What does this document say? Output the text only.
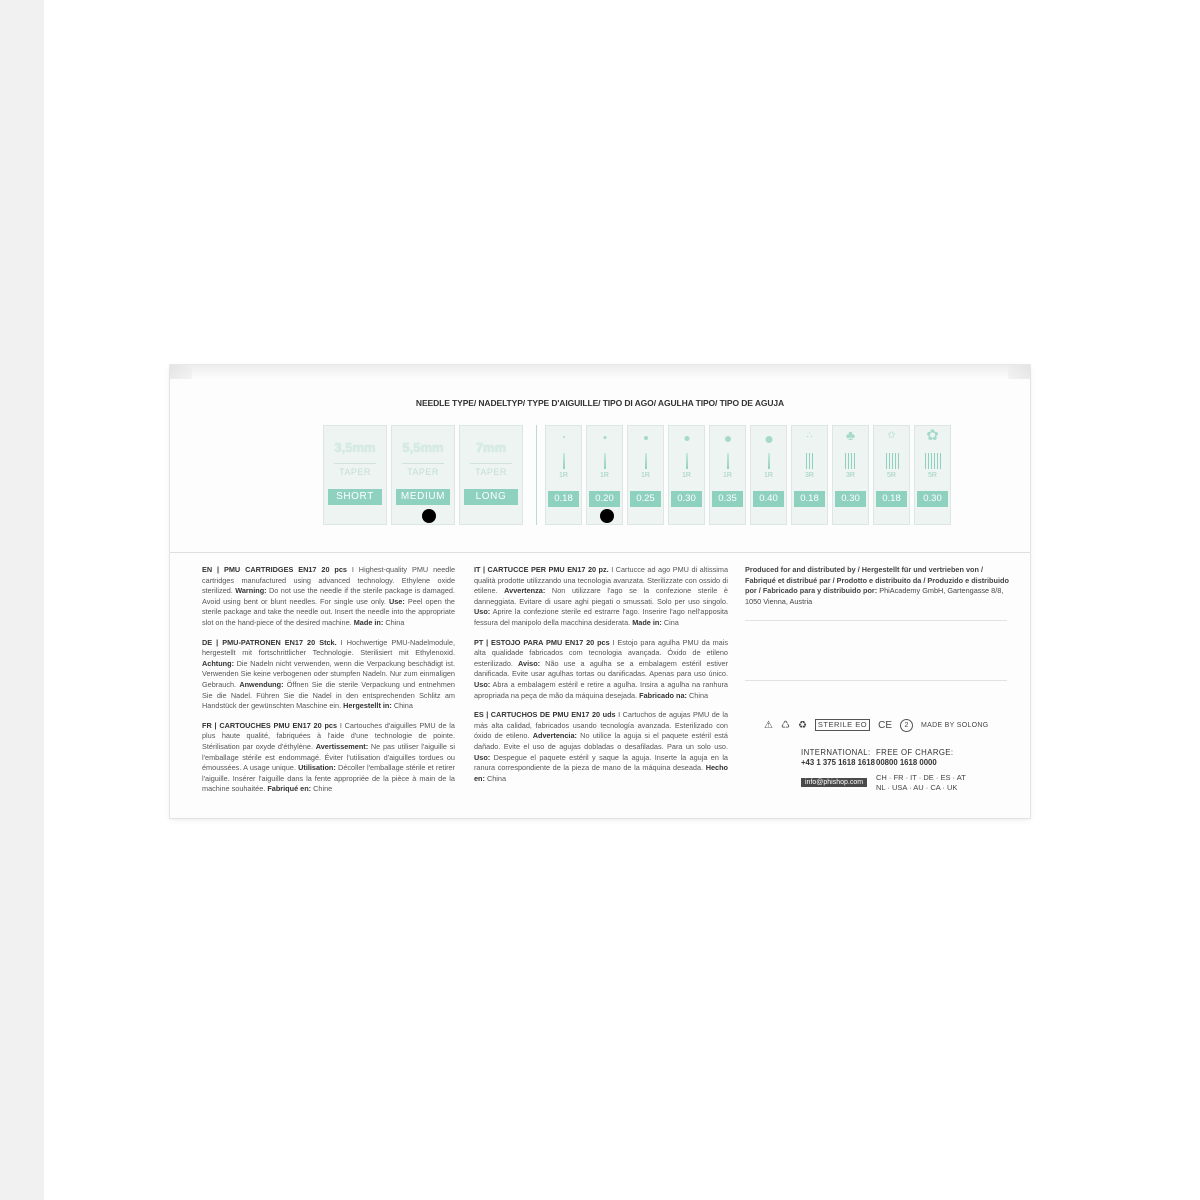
NEEDLE TYPE/ NADELTYP/ TYPE D'AIGUILLE/ TIPO DI AGO/ AGULHA TIPO/ TIPO DE AGUJA
3,5mm
TAPER
SHORT
5,5mm
TAPER
MEDIUM
7mm
TAPER
LONG
1R
0.18
1R
0.20
1R
0.25
1R
0.30
1R
0.35
1R
0.40
∴
3R
0.18
♣
3R
0.30
✩
5R
0.18
✿
5R
0.30

EN | PMU CARTRIDGES EN17 20 pcs I Highest-quality PMU needle cartridges manufactured using advanced technology. Ethylene oxide sterilized. Warning: Do not use the needle if the sterile package is damaged. Avoid using bent or blunt needles. For single use only. Use: Peel open the sterile package and take the needle out. Insert the needle into the appropriate slot on the hand-piece of the desired machine. Made in: China

DE | PMU-PATRONEN EN17 20 Stck. I Hochwertige PMU-Nadelmodule, hergestellt mit fortschrittlicher Technologie. Sterilisiert mit Ethylenoxid. Achtung: Die Nadeln nicht verwenden, wenn die Verpackung beschädigt ist. Verwenden Sie keine verbogenen oder stumpfen Nadeln. Nur zum einmaligen Gebrauch. Anwendung: Öffnen Sie die sterile Verpackung und entnehmen Sie die Nadel. Führen Sie die Nadel in den entsprechenden Schlitz am Handstück der gewünschten Maschine ein. Hergestellt in: China

FR | CARTOUCHES PMU EN17 20 pcs I Cartouches d'aiguilles PMU de la plus haute qualité, fabriquées à l'aide d'une technologie de pointe. Stérilisation par oxyde d'éthylène. Avertissement: Ne pas utiliser l'aiguille si l'emballage stérile est endommagé. Éviter l'utilisation d'aiguilles tordues ou émoussées. A usage unique. Utilisation: Décoller l'emballage stérile et retirer l'aiguille. Insérer l'aiguille dans la fente appropriée de la pièce à main de la machine souhaitée. Fabriqué en: Chine

IT | CARTUCCE PER PMU EN17 20 pz. I Cartucce ad ago PMU di altissima qualità prodotte utilizzando una tecnologia avanzata. Sterilizzate con ossido di etilene. Avvertenza: Non utilizzare l'ago se la confezione sterile è danneggiata. Evitare di usare aghi piegati o smussati. Solo per uso singolo. Uso: Aprire la confezione sterile ed estrarre l'ago. Inserire l'ago nell'apposita fessura del manipolo della macchina desiderata. Made in: Cina

PT | ESTOJO PARA PMU EN17 20 pcs I Estojo para agulha PMU da mais alta qualidade fabricados com tecnologia avançada. Óxido de etileno esterilizado. Aviso: Não use a agulha se a embalagem estéril estiver danificada. Evite usar agulhas tortas ou danificadas. Apenas para uso único. Uso: Abra a embalagem estéril e retire a agulha. Insira a agulha na ranhura apropriada na peça de mão da máquina desejada. Fabricado na: China

ES | CARTUCHOS DE PMU EN17 20 uds I Cartuchos de agujas PMU de la más alta calidad, fabricados usando tecnología avanzada. Esterilizado con óxido de etileno. Advertencia: No utilice la aguja si el paquete estéril está dañado. Evite el uso de agujas dobladas o desafiladas. Para un solo uso. Uso: Despegue el paquete estéril y saque la aguja. Inserte la aguja en la ranura correspondiente de la pieza de mano de la máquina deseada. Hecho en: China

Produced for and distributed by / Hergestellt für und vertrieben von / Fabriqué et distribué par / Prodotto e distribuito da / Produzido e distribuido por / Fabricado para y distribuido por: PhiAcademy GmbH, Gartengasse 8/8, 1050 Vienna, Austria
⚠ ♺ ♻	STERILE EO	CE	2	MADE BY SOLONG
INTERNATIONAL:
+43 1 375 1618 1618
FREE OF CHARGE:
00800 1618 0000
info@phishop.com
CH · FR · IT · DE · ES · AT
NL · USA · AU · CA · UK
